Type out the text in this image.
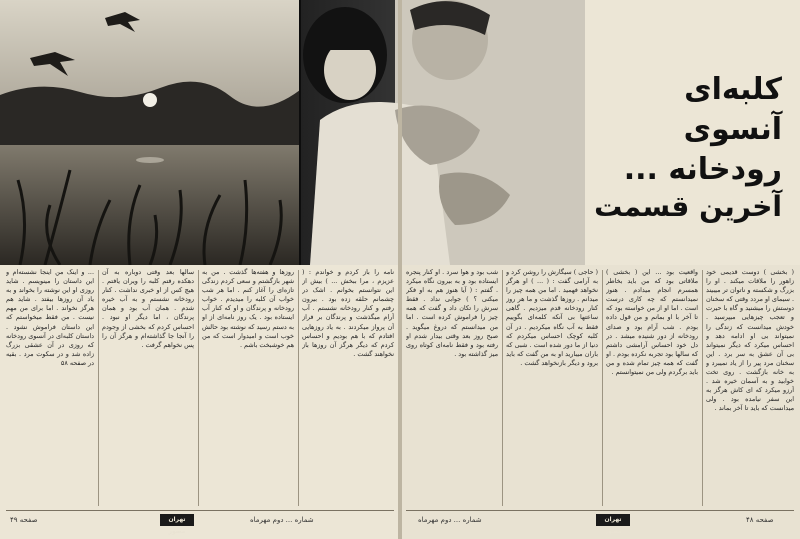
کلبه‌ای آنسوی رودخانه ...
آخرین قسمت

( بخشی ) دوست قدیمی خود زاهور را ملاقات میکند . او را بزرگ و شکسته و ناتوان تر میبیند . سیمای او مردد وقتی که سخنان دوستش را میشنید و گاه با حیرت و تعجب چیزهایی میپرسید . خودش میدانست که زندگی را نمیتواند بی او ادامه دهد و احساس میکرد که دیگر نمیتواند بی آن عشق به سر برد . این سخنان مرد پیر را از یاد نمیبرد و به خانه بازگشت . روی تخت خوابید و به آسمان خیره شد . آرزو میکرد که ای کاش هرگز به این سفر نیامده بود . ولی میدانست که باید تا آخر بماند .

واقعیت بود ... این ( بخشی ) ملاقاتی بود که من باید بخاطر همسرم انجام میدادم . هنوز نمیدانستم که چه کاری درست است . اما او از من خواسته بود که تا آخر با او بمانم و من قول داده بودم . شب آرام بود و صدای رودخانه از دور شنیده میشد . در دل خود احساس آرامشی داشتم که سالها بود تجربه نکرده بودم . او گفت که همه چیز تمام شده و من باید برگردم ولی من نمیتوانستم .

( حاجی ) سیگارش را روشن کرد و به آرامی گفت : ( ... ) او هرگز نخواهد فهمید . اما من همه چیز را میدانم . روزها گذشت و ما هر روز کنار رودخانه قدم میزدیم . گاهی ساعتها بی آنکه کلمه‌ای بگوییم فقط به آب نگاه میکردیم . در آن کلبه کوچک احساس میکردم که دنیا از ما دور شده است . شبی که باران میبارید او به من گفت که باید برود و دیگر بازنخواهد گشت .

شب بود و هوا سرد . او کنار پنجره ایستاده بود و به بیرون نگاه میکرد . گفتم : ( آیا هنوز هم به او فکر میکنی ؟ ) جوابی نداد . فقط سرش را تکان داد و گفت که همه چیز را فراموش کرده است . اما من میدانستم که دروغ میگوید . صبح روز بعد وقتی بیدار شدم او رفته بود و فقط نامه‌ای کوتاه روی میز گذاشته بود .

نامه را باز کردم و خواندم : ( عزیزم ، مرا ببخش ... ) بیش از این نتوانستم بخوانم . اشک در چشمانم حلقه زده بود . بیرون رفتم و کنار رودخانه نشستم . آب آرام میگذشت و پرندگان بر فراز آن پرواز میکردند . به یاد روزهایی افتادم که با هم بودیم و احساس کردم که دیگر هرگز آن روزها باز نخواهند گشت .

روزها و هفته‌ها گذشت . من به شهر بازگشتم و سعی کردم زندگی تازه‌ای را آغاز کنم . اما هر شب خواب آن کلبه را میدیدم . خواب رودخانه و پرندگان و او که کنار آب ایستاده بود . یک روز نامه‌ای از او به دستم رسید که نوشته بود حالش خوب است و امیدوار است که من هم خوشبخت باشم .

سالها بعد وقتی دوباره به آن دهکده رفتم کلبه را ویران یافتم . هیچ کس از او خبری نداشت . کنار رودخانه نشستم و به آب خیره شدم . همان آب بود و همان پرندگان ، اما دیگر او نبود . احساس کردم که بخشی از وجودم را آنجا جا گذاشته‌ام و هرگز آن را پس نخواهم گرفت .

... و اینک من اینجا نشسته‌ام و این داستان را مینویسم . شاید روزی او این نوشته را بخواند و به یاد آن روزها بیفتد . شاید هم هرگز نخواند . اما برای من مهم نیست . من فقط میخواستم که این داستان فراموش نشود . داستان کلبه‌ای در آنسوی رودخانه که روزی در آن عشقی بزرگ زاده شد و در سکوت مرد . بقیه در صفحه ۵۸

صفحه ۴۹	تهران مصور
شماره ... دوم مهرماه	شماره ... دوم مهرماه	تهران مصور
صفحه ۴۸
